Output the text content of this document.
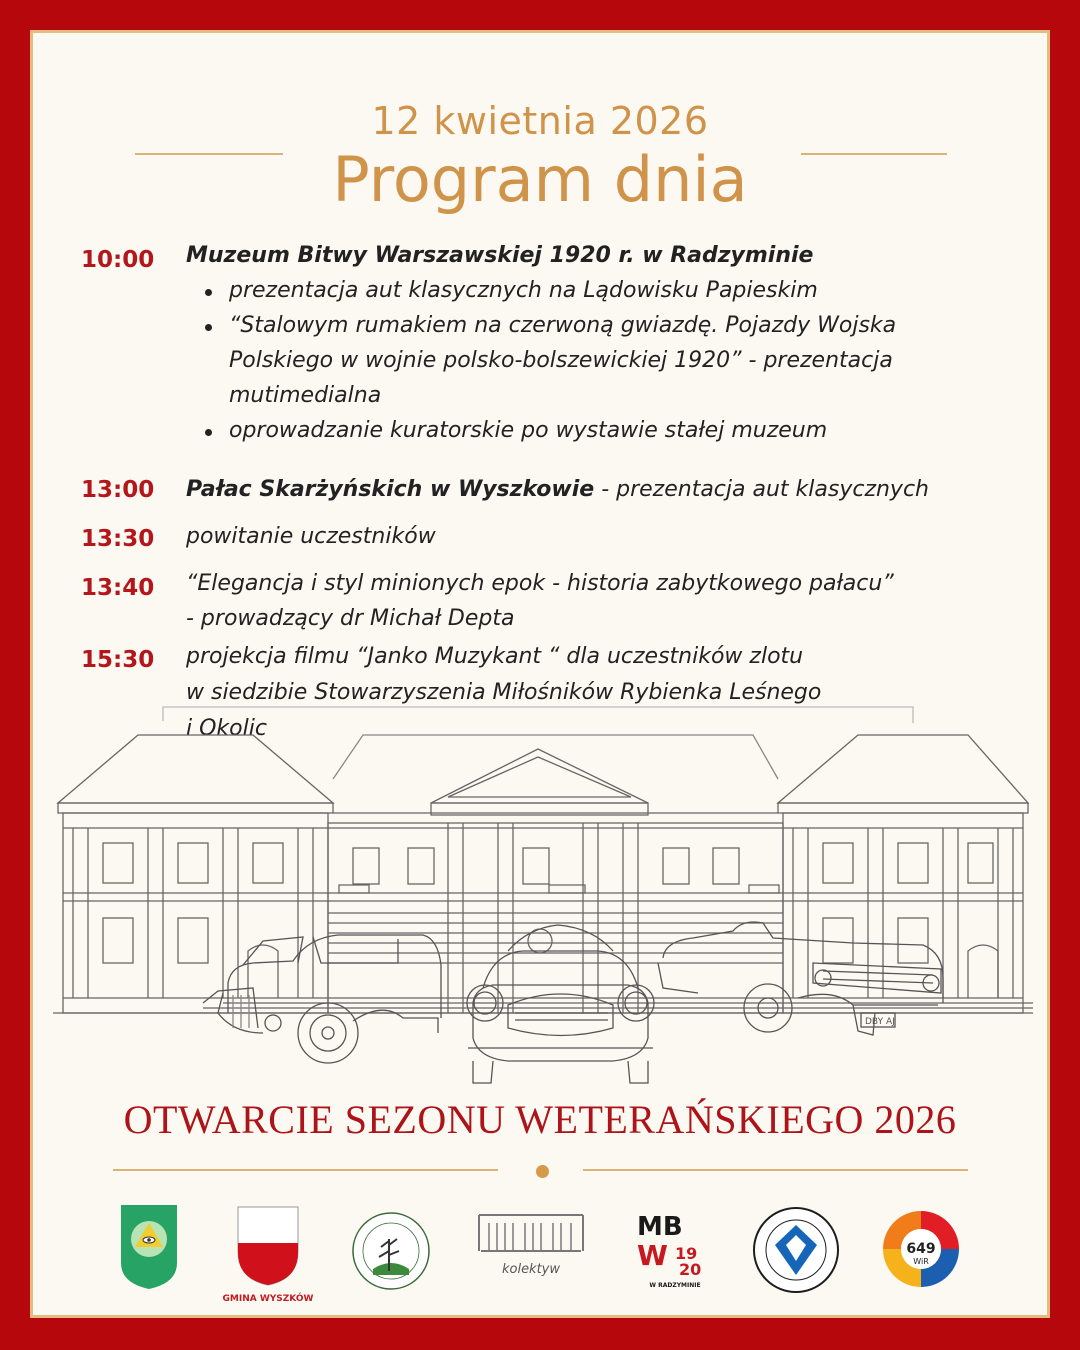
12 kwietnia 2026
Program dnia
10:00 Muzeum Bitwy Warszawskiej 1920 r. w Radzyminie
prezentacja aut klasycznych na Lądowisku Papieskim
“Stalowym rumakiem na czerwoną gwiazdę. Pojazdy Wojska
Polskiego w wojnie polsko-bolszewickiej 1920” - prezentacja
mutimedialna
oprowadzanie kuratorskie po wystawie stałej muzeum
13:00 Pałac Skarżyńskich w Wyszkowie - prezentacja aut klasycznych
13:30 powitanie uczestników
13:40 “Elegancja i styl minionych epok - historia zabytkowego pałacu”
- prowadzący dr Michał Depta
15:30 projekcja filmu “Janko Muzykant “ dla uczestników zlotu
w siedzibie Stowarzyszenia Miłośników Rybienka Leśnego
i Okolic
DBY AJ
OTWARCIE SEZONU WETERAŃSKIEGO 2026
GMINA WYSZKÓW
kolektyw
MB
W 19
20
W RADZYMINIE
649
WiR
